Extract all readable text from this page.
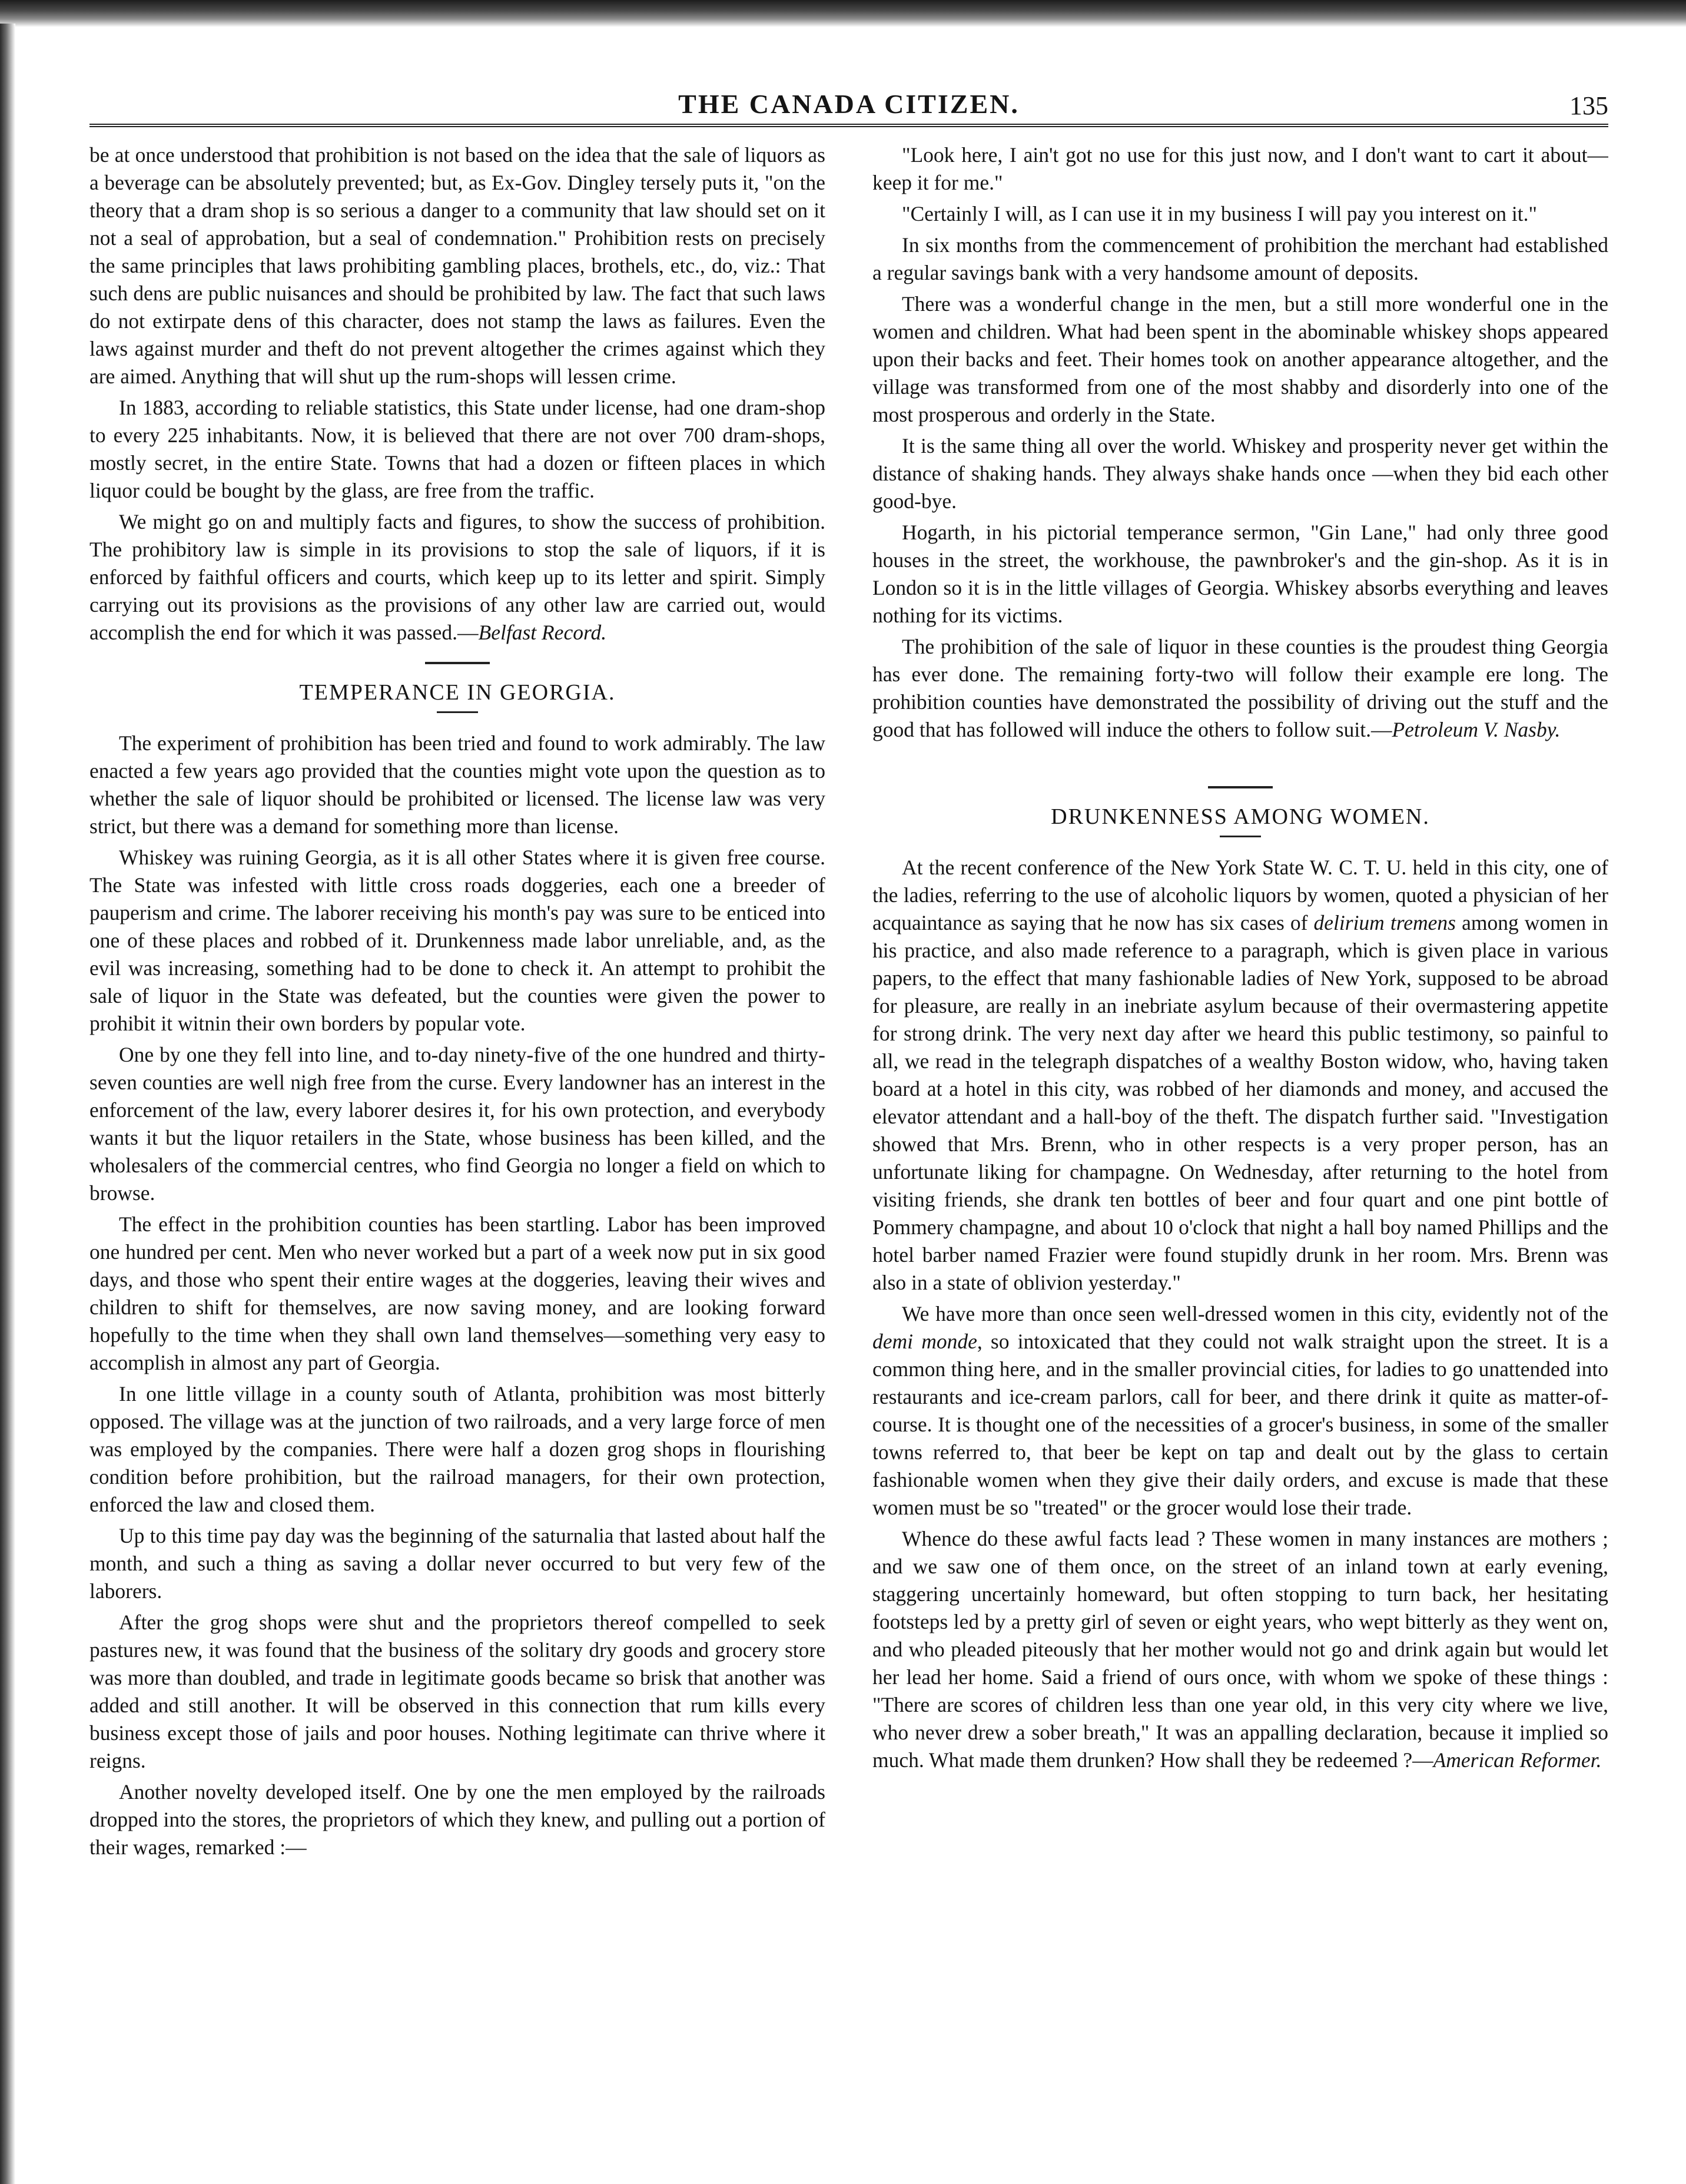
THE CANADA CITIZEN.	135

be at once understood that prohibition is not based on the idea that the sale of liquors as a beverage can be absolutely prevented; but, as Ex-Gov. Dingley tersely puts it, "on the theory that a dram shop is so serious a danger to a community that law should set on it not a seal of approbation, but a seal of condemnation." Prohibition rests on precisely the same principles that laws prohibiting gambling places, brothels, etc., do, viz.: That such dens are public nuisances and should be prohibited by law. The fact that such laws do not extirpate dens of this character, does not stamp the laws as failures. Even the laws against murder and theft do not prevent altogether the crimes against which they are aimed. Anything that will shut up the rum-shops will lessen crime.

In 1883, according to reliable statistics, this State under license, had one dram-shop to every 225 inhabitants. Now, it is believed that there are not over 700 dram-shops, mostly secret, in the entire State. Towns that had a dozen or fifteen places in which liquor could be bought by the glass, are free from the traffic.

We might go on and multiply facts and figures, to show the success of prohibition. The prohibitory law is simple in its provisions to stop the sale of liquors, if it is enforced by faithful officers and courts, which keep up to its letter and spirit. Simply carrying out its provisions as the provisions of any other law are carried out, would accomplish the end for which it was passed.—Belfast Record.

TEMPERANCE IN GEORGIA.

The experiment of prohibition has been tried and found to work admirably. The law enacted a few years ago provided that the counties might vote upon the question as to whether the sale of liquor should be prohibited or licensed. The license law was very strict, but there was a demand for something more than license.

Whiskey was ruining Georgia, as it is all other States where it is given free course. The State was infested with little cross roads doggeries, each one a breeder of pauperism and crime. The laborer receiving his month's pay was sure to be enticed into one of these places and robbed of it. Drunkenness made labor unreliable, and, as the evil was increasing, something had to be done to check it. An attempt to prohibit the sale of liquor in the State was defeated, but the counties were given the power to prohibit it witnin their own borders by popular vote.

One by one they fell into line, and to-day ninety-five of the one hundred and thirty-seven counties are well nigh free from the curse. Every landowner has an interest in the enforcement of the law, every laborer desires it, for his own protection, and everybody wants it but the liquor retailers in the State, whose business has been killed, and the wholesalers of the commercial centres, who find Georgia no longer a field on which to browse.

The effect in the prohibition counties has been startling. Labor has been improved one hundred per cent. Men who never worked but a part of a week now put in six good days, and those who spent their entire wages at the doggeries, leaving their wives and children to shift for themselves, are now saving money, and are looking forward hopefully to the time when they shall own land themselves—something very easy to accomplish in almost any part of Georgia.

In one little village in a county south of Atlanta, prohibition was most bitterly opposed. The village was at the junction of two railroads, and a very large force of men was employed by the companies. There were half a dozen grog shops in flourishing condition before prohibition, but the railroad managers, for their own protection, enforced the law and closed them.

Up to this time pay day was the beginning of the saturnalia that lasted about half the month, and such a thing as saving a dollar never occurred to but very few of the laborers.

After the grog shops were shut and the proprietors thereof compelled to seek pastures new, it was found that the business of the solitary dry goods and grocery store was more than doubled, and trade in legitimate goods became so brisk that another was added and still another. It will be observed in this connection that rum kills every business except those of jails and poor houses. Nothing legitimate can thrive where it reigns.

Another novelty developed itself. One by one the men employed by the railroads dropped into the stores, the proprietors of which they knew, and pulling out a portion of their wages, remarked :—

"Look here, I ain't got no use for this just now, and I don't want to cart it about—keep it for me."

"Certainly I will, as I can use it in my business I will pay you interest on it."

In six months from the commencement of prohibition the merchant had established a regular savings bank with a very handsome amount of deposits.

There was a wonderful change in the men, but a still more wonderful one in the women and children. What had been spent in the abominable whiskey shops appeared upon their backs and feet. Their homes took on another appearance altogether, and the village was transformed from one of the most shabby and disorderly into one of the most prosperous and orderly in the State.

It is the same thing all over the world. Whiskey and prosperity never get within the distance of shaking hands. They always shake hands once —when they bid each other good-bye.

Hogarth, in his pictorial temperance sermon, "Gin Lane," had only three good houses in the street, the workhouse, the pawnbroker's and the gin-shop. As it is in London so it is in the little villages of Georgia. Whiskey absorbs everything and leaves nothing for its victims.

The prohibition of the sale of liquor in these counties is the proudest thing Georgia has ever done. The remaining forty-two will follow their example ere long. The prohibition counties have demonstrated the possibility of driving out the stuff and the good that has followed will induce the others to follow suit.—Petroleum V. Nasby.

DRUNKENNESS AMONG WOMEN.

At the recent conference of the New York State W. C. T. U. held in this city, one of the ladies, referring to the use of alcoholic liquors by women, quoted a physician of her acquaintance as saying that he now has six cases of delirium tremens among women in his practice, and also made reference to a paragraph, which is given place in various papers, to the effect that many fashionable ladies of New York, supposed to be abroad for pleasure, are really in an inebriate asylum because of their overmastering appetite for strong drink. The very next day after we heard this public testimony, so painful to all, we read in the telegraph dispatches of a wealthy Boston widow, who, having taken board at a hotel in this city, was robbed of her diamonds and money, and accused the elevator attendant and a hall-boy of the theft. The dispatch further said. "Investigation showed that Mrs. Brenn, who in other respects is a very proper person, has an unfortunate liking for champagne. On Wednesday, after returning to the hotel from visiting friends, she drank ten bottles of beer and four quart and one pint bottle of Pommery champagne, and about 10 o'clock that night a hall boy named Phillips and the hotel barber named Frazier were found stupidly drunk in her room. Mrs. Brenn was also in a state of oblivion yesterday."

We have more than once seen well-dressed women in this city, evidently not of the demi monde, so intoxicated that they could not walk straight upon the street. It is a common thing here, and in the smaller provincial cities, for ladies to go unattended into restaurants and ice-cream parlors, call for beer, and there drink it quite as matter-of-course. It is thought one of the necessities of a grocer's business, in some of the smaller towns referred to, that beer be kept on tap and dealt out by the glass to certain fashionable women when they give their daily orders, and excuse is made that these women must be so "treated" or the grocer would lose their trade.

Whence do these awful facts lead ? These women in many instances are mothers ; and we saw one of them once, on the street of an inland town at early evening, staggering uncertainly homeward, but often stopping to turn back, her hesitating footsteps led by a pretty girl of seven or eight years, who wept bitterly as they went on, and who pleaded piteously that her mother would not go and drink again but would let her lead her home. Said a friend of ours once, with whom we spoke of these things : "There are scores of children less than one year old, in this very city where we live, who never drew a sober breath," It was an appalling declaration, because it implied so much. What made them drunken? How shall they be redeemed ?—American Reformer.
